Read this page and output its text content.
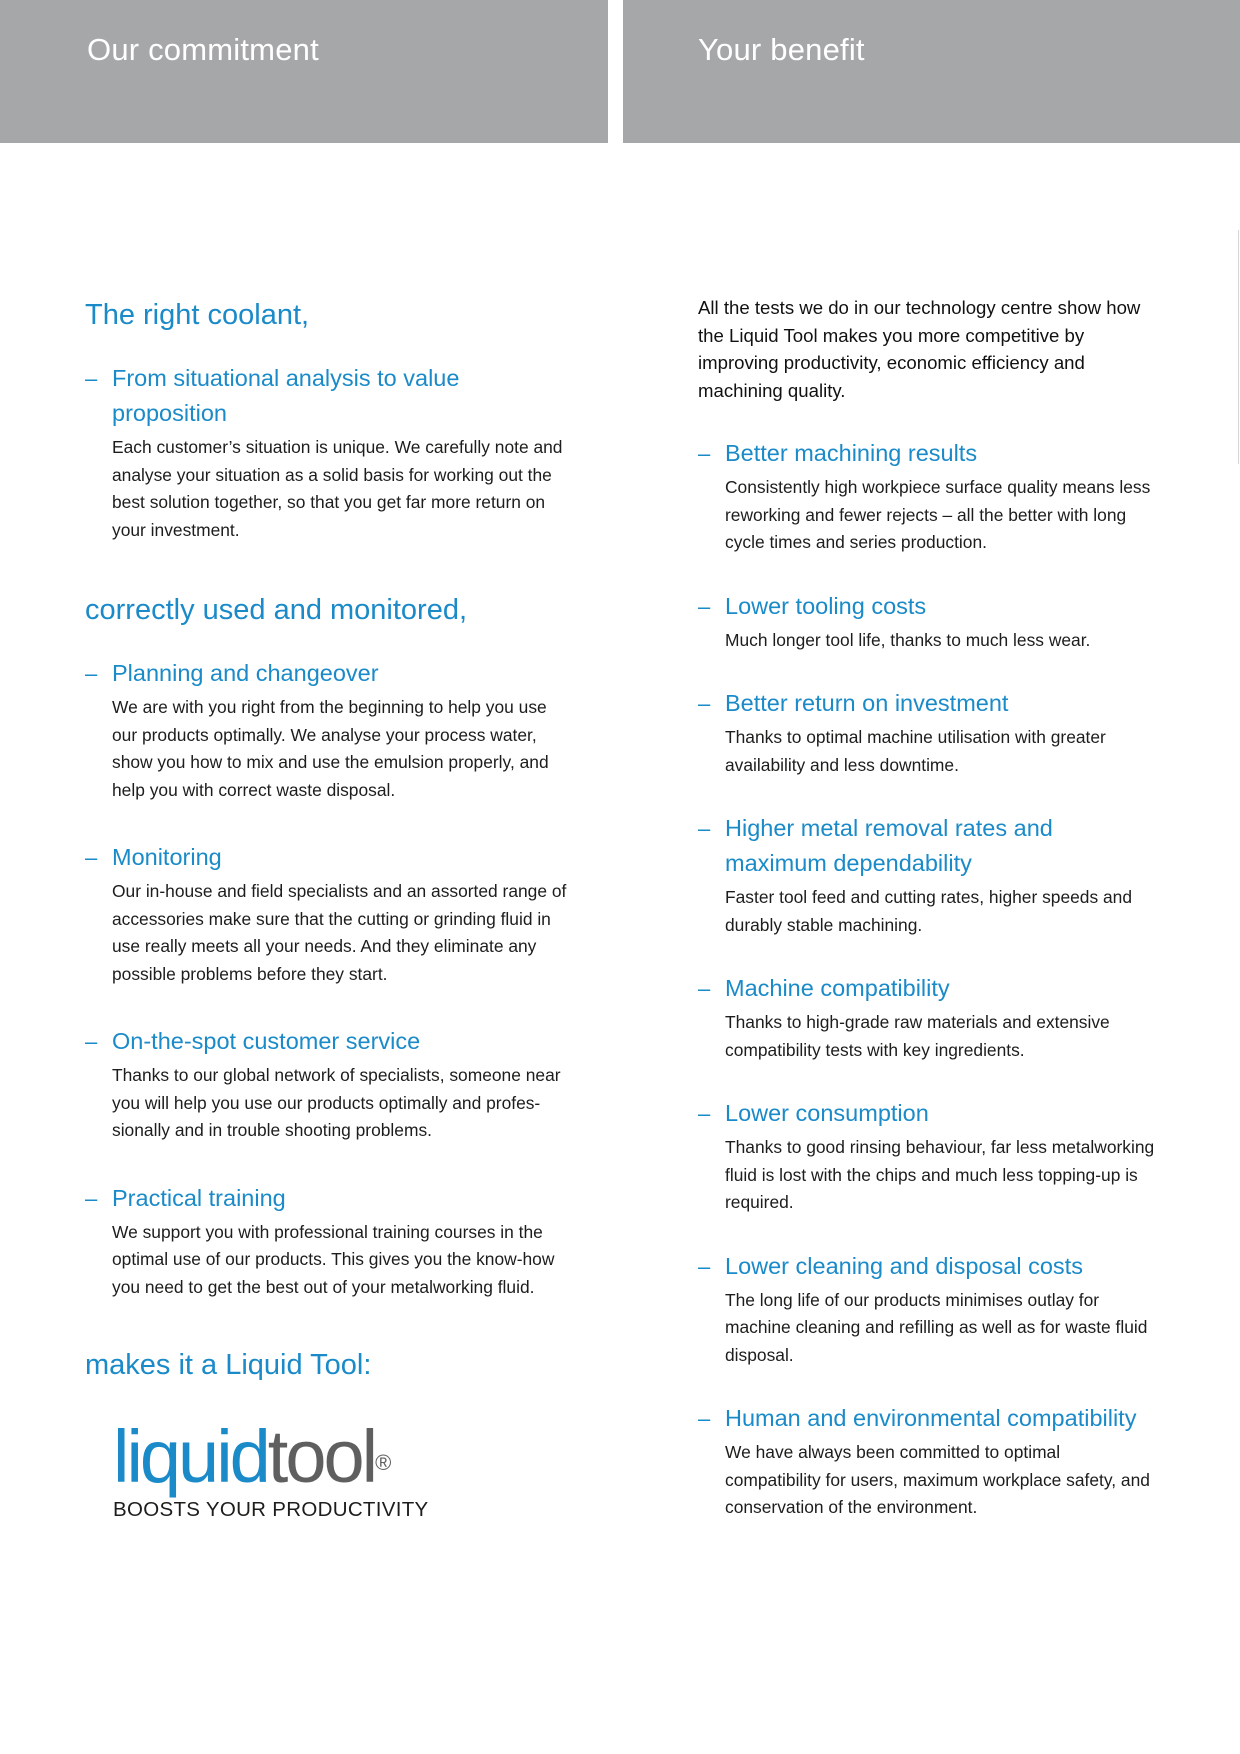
Our commitment	Your benefit
The right coolant,
– From situational analysis to value proposition

Each customer’s situation is unique. We carefully note and analyse your situation as a solid basis for working out the best solution together, so that you get far more return on your investment.

correctly used and monitored,
– Planning and changeover

We are with you right from the beginning to help you use our products optimally. We analyse your process water, show you how to mix and use the emulsion properly, and help you with correct waste disposal.

– Monitoring

Our in-house and field specialists and an assorted range of accessories make sure that the cutting or grinding fluid in use really meets all your needs. And they eliminate any possible problems before they start.

– On-the-spot customer service

Thanks to our global network of specialists, someone near you will help you use our products optimally and profes-sionally and in trouble shooting problems.

– Practical training

We support you with professional training courses in the optimal use of our products. This gives you the know-how you need to get the best out of your metalworking fluid.

makes it a Liquid Tool:
liquidtool®
BOOSTS YOUR PRODUCTIVITY

All the tests we do in our technology centre show how the Liquid Tool makes you more competitive by improving productivity, economic efficiency and machining quality.

– Better machining results

Consistently high workpiece surface quality means less reworking and fewer rejects – all the better with long cycle times and series production.

– Lower tooling costs

Much longer tool life, thanks to much less wear.

– Better return on investment

Thanks to optimal machine utilisation with greater availability and less downtime.

– Higher metal removal rates and maximum dependability

Faster tool feed and cutting rates, higher speeds and durably stable machining.

– Machine compatibility

Thanks to high-grade raw materials and extensive compatibility tests with key ingredients.

– Lower consumption

Thanks to good rinsing behaviour, far less metalworking fluid is lost with the chips and much less topping-up is required.

– Lower cleaning and disposal costs

The long life of our products minimises outlay for machine cleaning and refilling as well as for waste fluid disposal.

– Human and environmental compatibility

We have always been committed to optimal compatibility for users, maximum workplace safety, and conservation of the environment.
